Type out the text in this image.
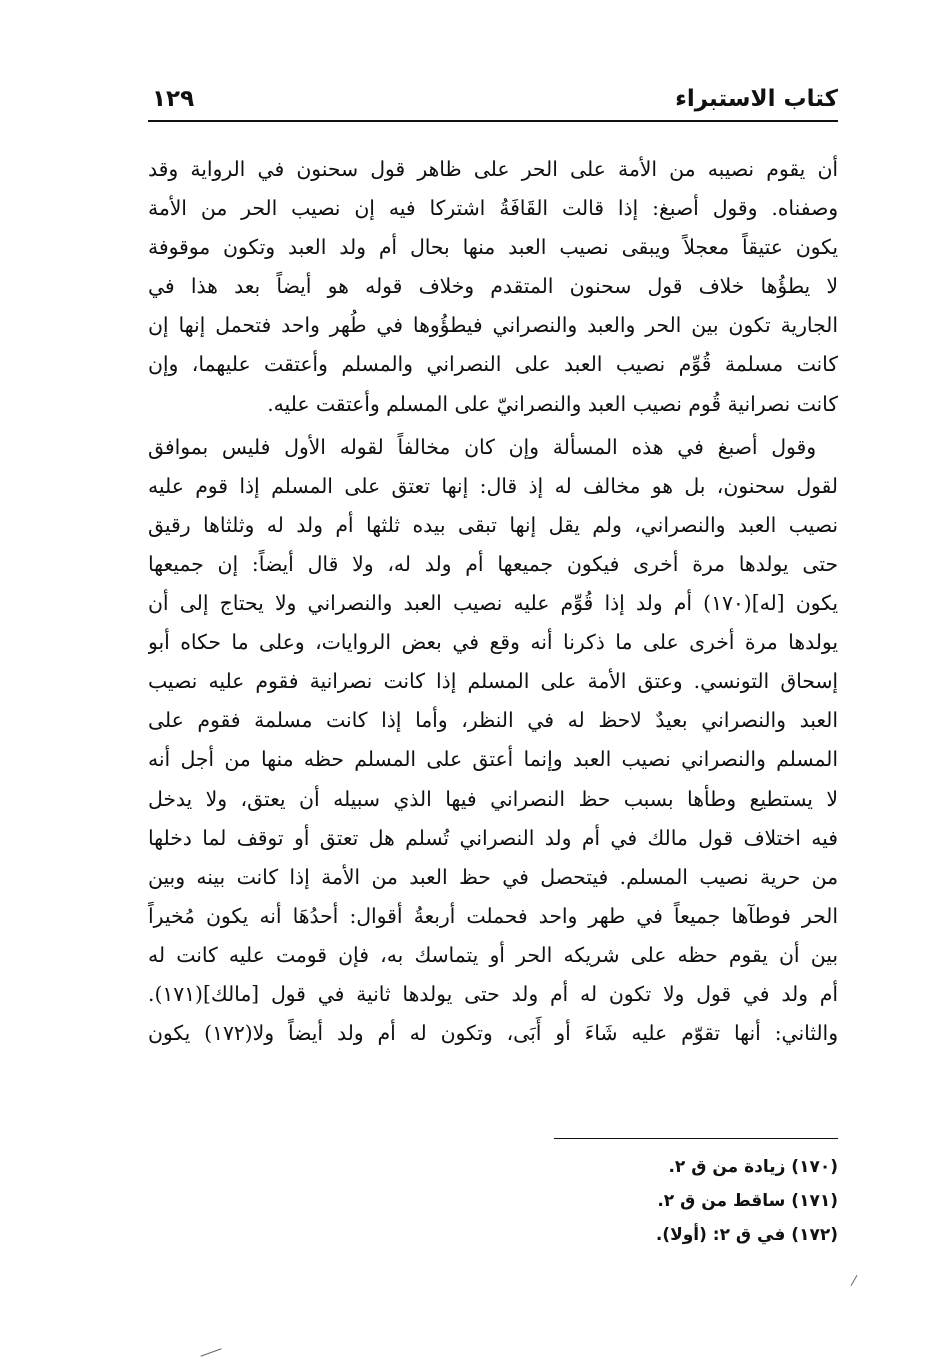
كتاب الاستبراء
١٢٩
أن يقوم نصيبه من الأمة على الحر على ظاهر قول سحنون في الرواية وقد
وصفناه. وقول أصبغ: إذا قالت القَافَةُ اشتركا فيه إن نصيب الحر من الأمة
يكون عتيقاً معجلاً ويبقى نصيب العبد منها بحال أم ولد العبد وتكون موقوفة
لا يطؤُها خلاف قول سحنون المتقدم وخلاف قوله هو أيضاً بعد هذا في
الجارية تكون بين الحر والعبد والنصراني فيطؤُوها في طُهر واحد فتحمل إنها إن
كانت مسلمة قُوِّم نصيب العبد على النصراني والمسلم وأعتقت عليهما، وإن
كانت نصرانية قُوم نصيب العبد والنصرانيّ على المسلم وأعتقت عليه.
وقول أصبغ في هذه المسألة وإن كان مخالفاً لقوله الأول فليس بموافق
لقول سحنون، بل هو مخالف له إذ قال: إنها تعتق على المسلم إذا قوم عليه
نصيب العبد والنصراني، ولم يقل إنها تبقى بيده ثلثها أم ولد له وثلثاها رقيق
حتى يولدها مرة أخرى فيكون جميعها أم ولد له، ولا قال أيضاً: إن جميعها
يكون [له](١٧٠) أم ولد إذا قُوِّم عليه نصيب العبد والنصراني ولا يحتاج إلى أن
يولدها مرة أخرى على ما ذكرنا أنه وقع في بعض الروايات، وعلى ما حكاه أبو
إسحاق التونسي. وعتق الأمة على المسلم إذا كانت نصرانية فقوم عليه نصيب
العبد والنصراني بعيدٌ لاحظ له في النظر، وأما إذا كانت مسلمة فقوم على
المسلم والنصراني نصيب العبد وإنما أعتق على المسلم حظه منها من أجل أنه
لا يستطيع وطأها بسبب حظ النصراني فيها الذي سبيله أن يعتق، ولا يدخل
فيه اختلاف قول مالك في أم ولد النصراني تُسلم هل تعتق أو توقف لما دخلها
من حرية نصيب المسلم. فيتحصل في حظ العبد من الأمة إذا كانت بينه وبين
الحر فوطآها جميعاً في طهر واحد فحملت أربعةُ أقوال: أحدُهَا أنه يكون مُخيراً
بين أن يقوم حظه على شريكه الحر أو يتماسك به، فإن قومت عليه كانت له
أم ولد في قول ولا تكون له أم ولد حتى يولدها ثانية في قول [مالك](١٧١).
والثاني: أنها تقوّم عليه شَاءَ أو أَبَى، وتكون له أم ولد أيضاً ولا(١٧٢) يكون
(١٧٠) زيادة من ق ٢.
(١٧١) ساقط من ق ٢.
(١٧٢) في ق ٢: (أولا).
